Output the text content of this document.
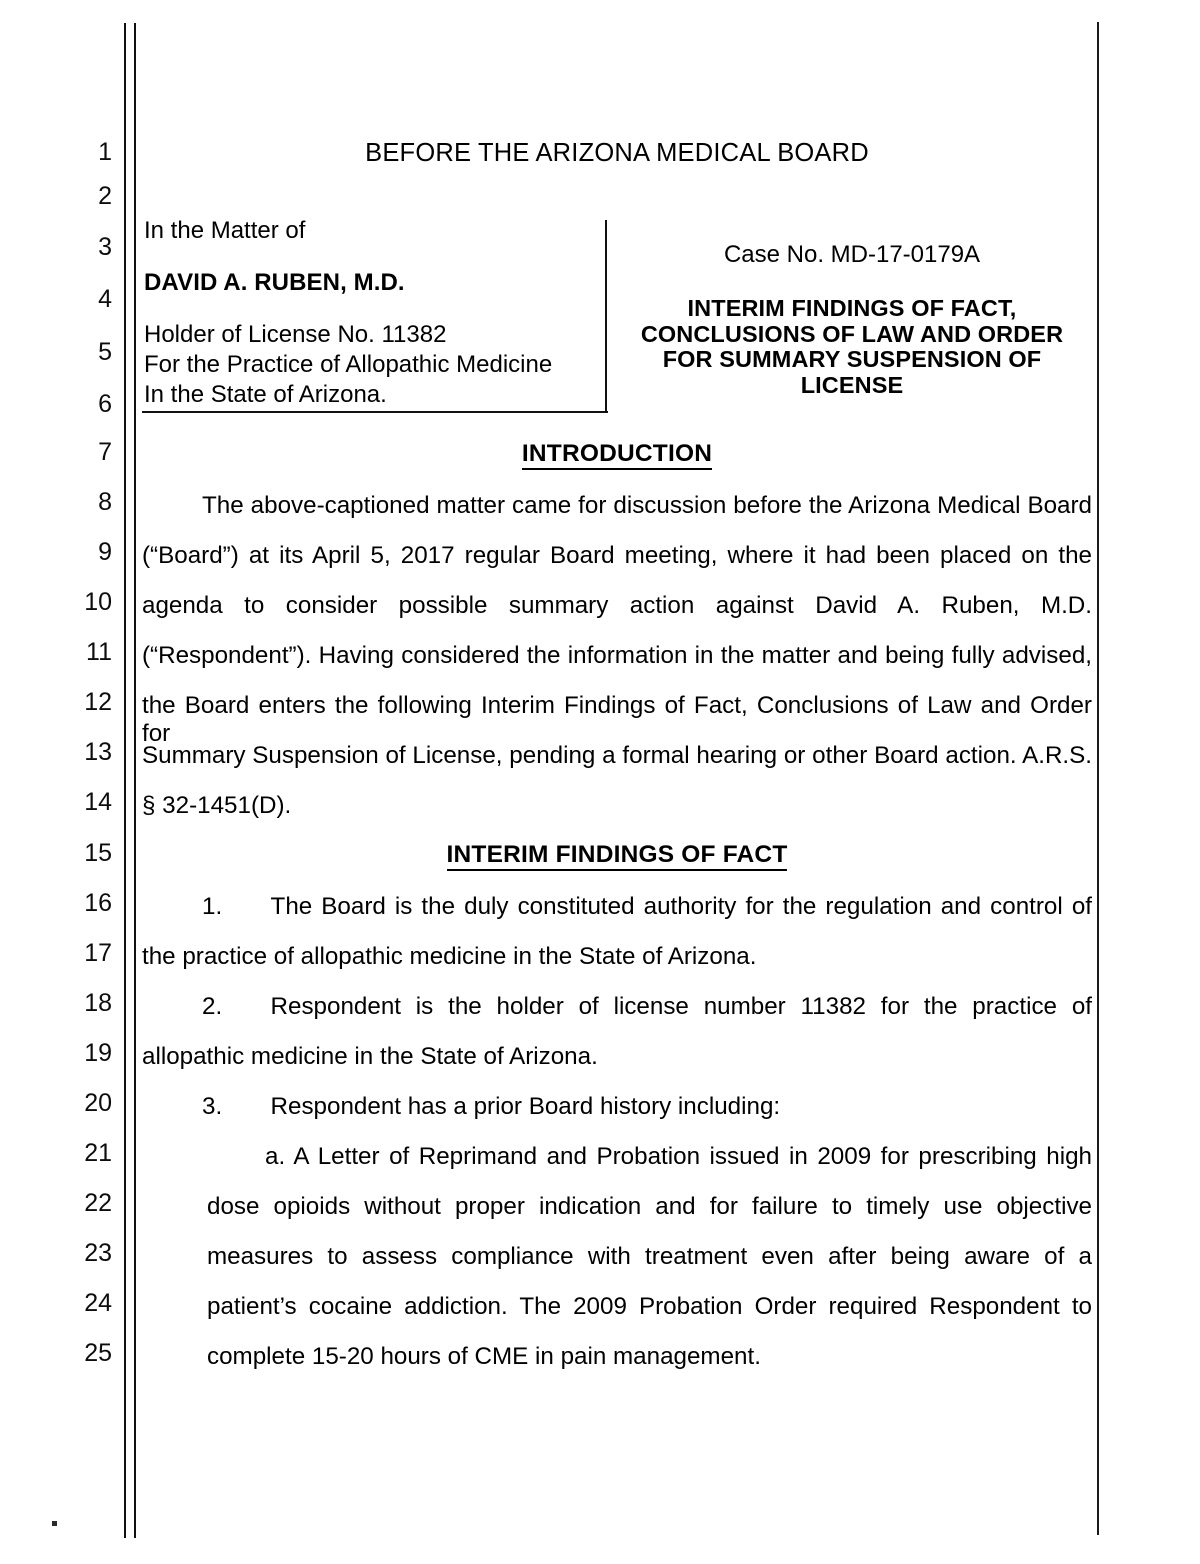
1
2
3
4
5
6
7
8
9
10
11
12
13
14
15
16
17
18
19
20
21
22
23
24
25
BEFORE THE ARIZONA MEDICAL BOARD
In the Matter of
DAVID A. RUBEN, M.D.
Holder of License No. 11382
For the Practice of Allopathic Medicine
In the State of Arizona.
Case No. MD-17-0179A
INTERIM FINDINGS OF FACT,
CONCLUSIONS OF LAW AND ORDER
FOR SUMMARY SUSPENSION OF
LICENSE
INTRODUCTION
The above-captioned matter came for discussion before the Arizona Medical Board
(“Board”) at its April 5, 2017 regular Board meeting, where it had been placed on the
agenda to consider possible summary action against David A. Ruben, M.D.
(“Respondent”). Having considered the information in the matter and being fully advised,
the Board enters the following Interim Findings of Fact, Conclusions of Law and Order for
Summary Suspension of License, pending a formal hearing or other Board action. A.R.S.
§ 32-1451(D).
INTERIM FINDINGS OF FACT
1.  The Board is the duly constituted authority for the regulation and control of
the practice of allopathic medicine in the State of Arizona.
2.  Respondent is the holder of license number 11382 for the practice of
allopathic medicine in the State of Arizona.
3.  Respondent has a prior Board history including:
a. A Letter of Reprimand and Probation issued in 2009 for prescribing high
dose opioids without proper indication and for failure to timely use objective
measures to assess compliance with treatment even after being aware of a
patient’s cocaine addiction. The 2009 Probation Order required Respondent to
complete 15-20 hours of CME in pain management.
